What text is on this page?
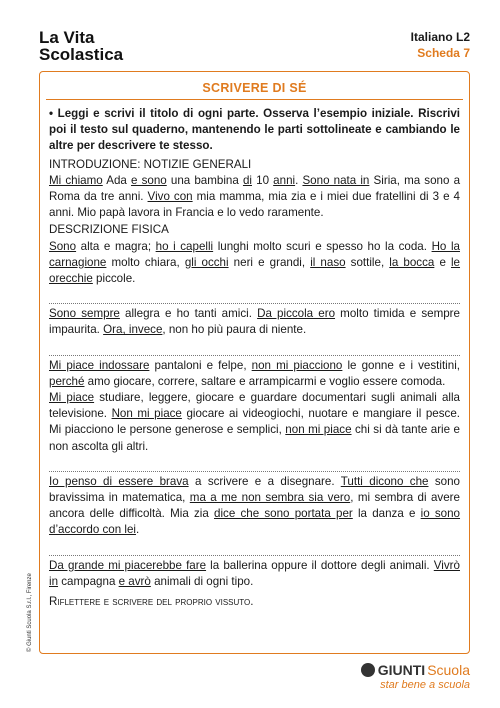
La Vita
Scolastica
Italiano L2
Scheda 7
SCRIVERE DI SÉ

• Leggi e scrivi il titolo di ogni parte. Osserva l’esempio iniziale. Riscrivi poi il testo sul quaderno, mantenendo le parti sottolineate e cambiando le altre per descrivere te stesso.

INTRODUZIONE: NOTIZIE GENERALI

Mi chiamo Ada e sono una bambina di 10 anni. Sono nata in Siria, ma sono a Roma da tre anni. Vivo con mia mamma, mia zia e i miei due fratellini di 3 e 4 anni. Mio papà lavora in Francia e lo vedo raramente.

DESCRIZIONE FISICA

Sono alta e magra; ho i capelli lunghi molto scuri e spesso ho la coda. Ho la carnagione molto chiara, gli occhi neri e grandi, il naso sottile, la bocca e le orecchie piccole.

Sono sempre allegra e ho tanti amici. Da piccola ero molto timida e sempre impaurita. Ora, invece, non ho più paura di niente.

Mi piace indossare pantaloni e felpe, non mi piacciono le gonne e i vestitini, perché amo giocare, correre, saltare e arrampicarmi e voglio essere comoda.

Mi piace studiare, leggere, giocare e guardare documentari sugli animali alla televisione. Non mi piace giocare ai videogiochi, nuotare e mangiare il pesce. Mi piacciono le persone generose e semplici, non mi piace chi si dà tante arie e non ascolta gli altri.

Io penso di essere brava a scrivere e a disegnare. Tutti dicono che sono bravissima in matematica, ma a me non sembra sia vero, mi sembra di avere ancora delle difficoltà. Mia zia dice che sono portata per la danza e io sono d’accordo con lei.

Da grande mi piacerebbe fare la ballerina oppure il dottore degli animali. Vivrò in campagna e avrò animali di ogni tipo.

Riflettere e scrivere del proprio vissuto.

© Giunti Scuola S.r.l., Firenze
GIUNTI Scuola
star bene a scuola
